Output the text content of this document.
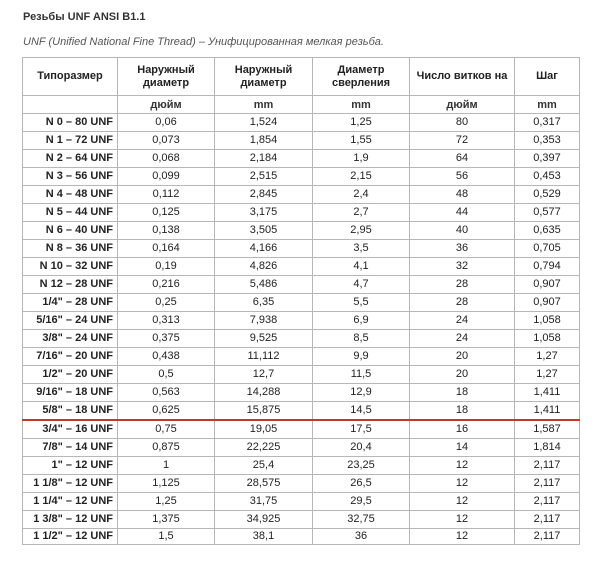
Резьбы UNF ANSI B1.1
UNF (Unified National Fine Thread) – Унифицированная мелкая резьба.
Типоразмер	Наружный диаметр	Наружный диаметр	Диаметр сверления	Число витков на	Шаг
	дюйм	mm	mm	дюйм	mm
N 0 – 80 UNF	0,06	1,524	1,25	80	0,317
N 1 – 72 UNF	0,073	1,854	1,55	72	0,353
N 2 – 64 UNF	0,068	2,184	1,9	64	0,397
N 3 – 56 UNF	0,099	2,515	2,15	56	0,453
N 4 – 48 UNF	0,112	2,845	2,4	48	0,529
N 5 – 44 UNF	0,125	3,175	2,7	44	0,577
N 6 – 40 UNF	0,138	3,505	2,95	40	0,635
N 8 – 36 UNF	0,164	4,166	3,5	36	0,705
N 10 – 32 UNF	0,19	4,826	4,1	32	0,794
N 12 – 28 UNF	0,216	5,486	4,7	28	0,907
1/4" – 28 UNF	0,25	6,35	5,5	28	0,907
5/16" – 24 UNF	0,313	7,938	6,9	24	1,058
3/8" – 24 UNF	0,375	9,525	8,5	24	1,058
7/16" – 20 UNF	0,438	11,112	9,9	20	1,27
1/2" – 20 UNF	0,5	12,7	11,5	20	1,27
9/16" – 18 UNF	0,563	14,288	12,9	18	1,411
5/8" – 18 UNF	0,625	15,875	14,5	18	1,411
3/4" – 16 UNF	0,75	19,05	17,5	16	1,587
7/8" – 14 UNF	0,875	22,225	20,4	14	1,814
1" – 12 UNF	1	25,4	23,25	12	2,117
1 1/8" – 12 UNF	1,125	28,575	26,5	12	2,117
1 1/4" – 12 UNF	1,25	31,75	29,5	12	2,117
1 3/8" – 12 UNF	1,375	34,925	32,75	12	2,117
1 1/2" – 12 UNF	1,5	38,1	36	12	2,117
